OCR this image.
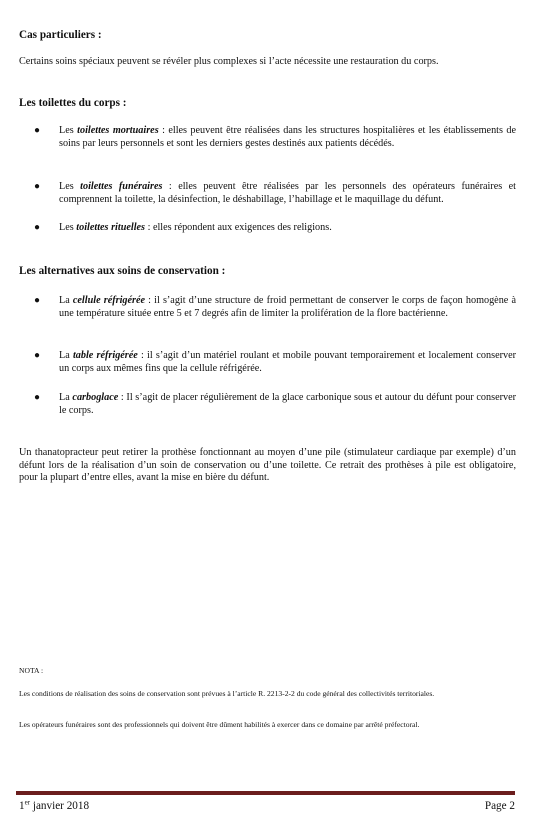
Cas particuliers :
Certains soins spéciaux peuvent se révéler plus complexes si l’acte nécessite une restauration du corps.
Les toilettes du corps :
● Les toilettes mortuaires : elles peuvent être réalisées dans les structures hospitalières et les établissements de soins par leurs personnels et sont les derniers gestes destinés aux patients décédés.
● Les toilettes funéraires : elles peuvent être réalisées par les personnels des opérateurs funéraires et comprennent la toilette, la désinfection, le déshabillage, l’habillage et le maquillage du défunt.
● Les toilettes rituelles : elles répondent aux exigences des religions.
Les alternatives aux soins de conservation :
● La cellule réfrigérée : il s’agit d’une structure de froid permettant de conserver le corps de façon homogène à une température située entre 5 et 7 degrés afin de limiter la prolifération de la flore bactérienne.
● La table réfrigérée : il s’agit d’un matériel roulant et mobile pouvant temporairement et localement conserver un corps aux mêmes fins que la cellule réfrigérée.
● La carboglace : Il s’agit de placer régulièrement de la glace carbonique sous et autour du défunt pour conserver le corps.
Un thanatopracteur peut retirer la prothèse fonctionnant au moyen d’une pile (stimulateur cardiaque par exemple) d’un défunt lors de la réalisation d’un soin de conservation ou d’une toilette. Ce retrait des prothèses à pile est obligatoire, pour la plupart d’entre elles, avant la mise en bière du défunt.
NOTA :
Les conditions de réalisation des soins de conservation sont prévues à l’article R. 2213-2-2 du code général des collectivités territoriales.
Les opérateurs funéraires sont des professionnels qui doivent être dûment habilités à exercer dans ce domaine par arrêté préfectoral.
1er janvier 2018	Page 2
